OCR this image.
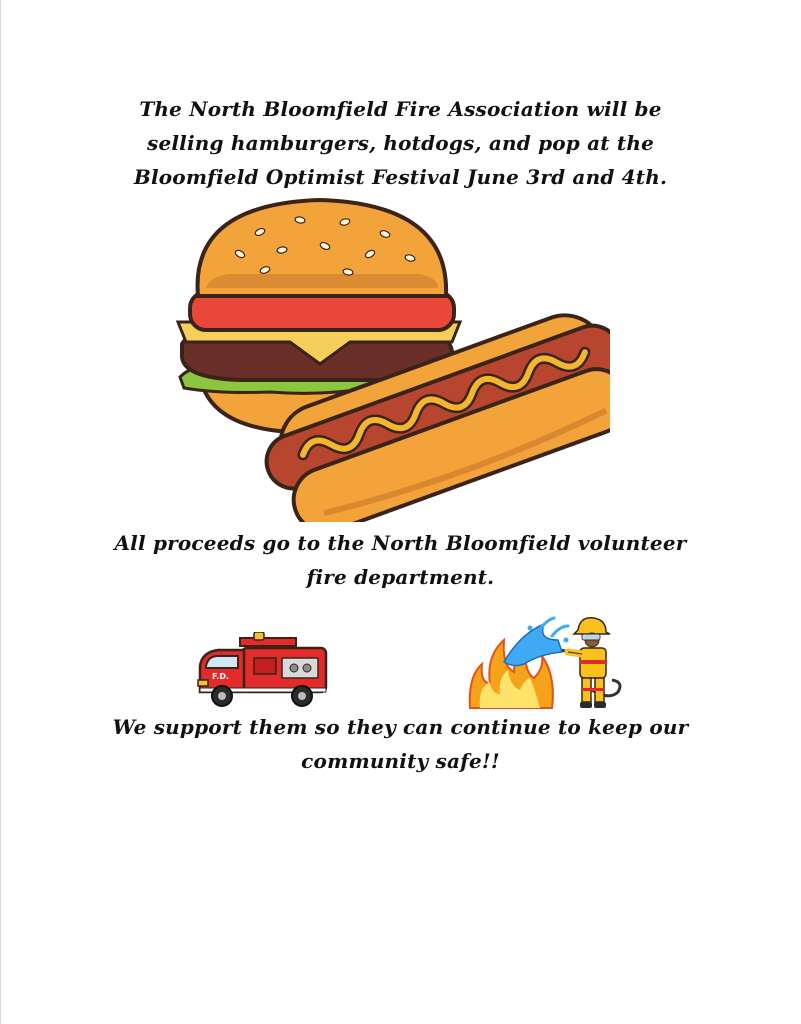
The North Bloomfield Fire Association will be
selling hamburgers, hotdogs, and pop at the
Bloomfield Optimist Festival June 3rd and 4th.
All proceeds go to the North Bloomfield volunteer
fire department.
F.D.
We support them so they can continue to keep our
community safe!!
